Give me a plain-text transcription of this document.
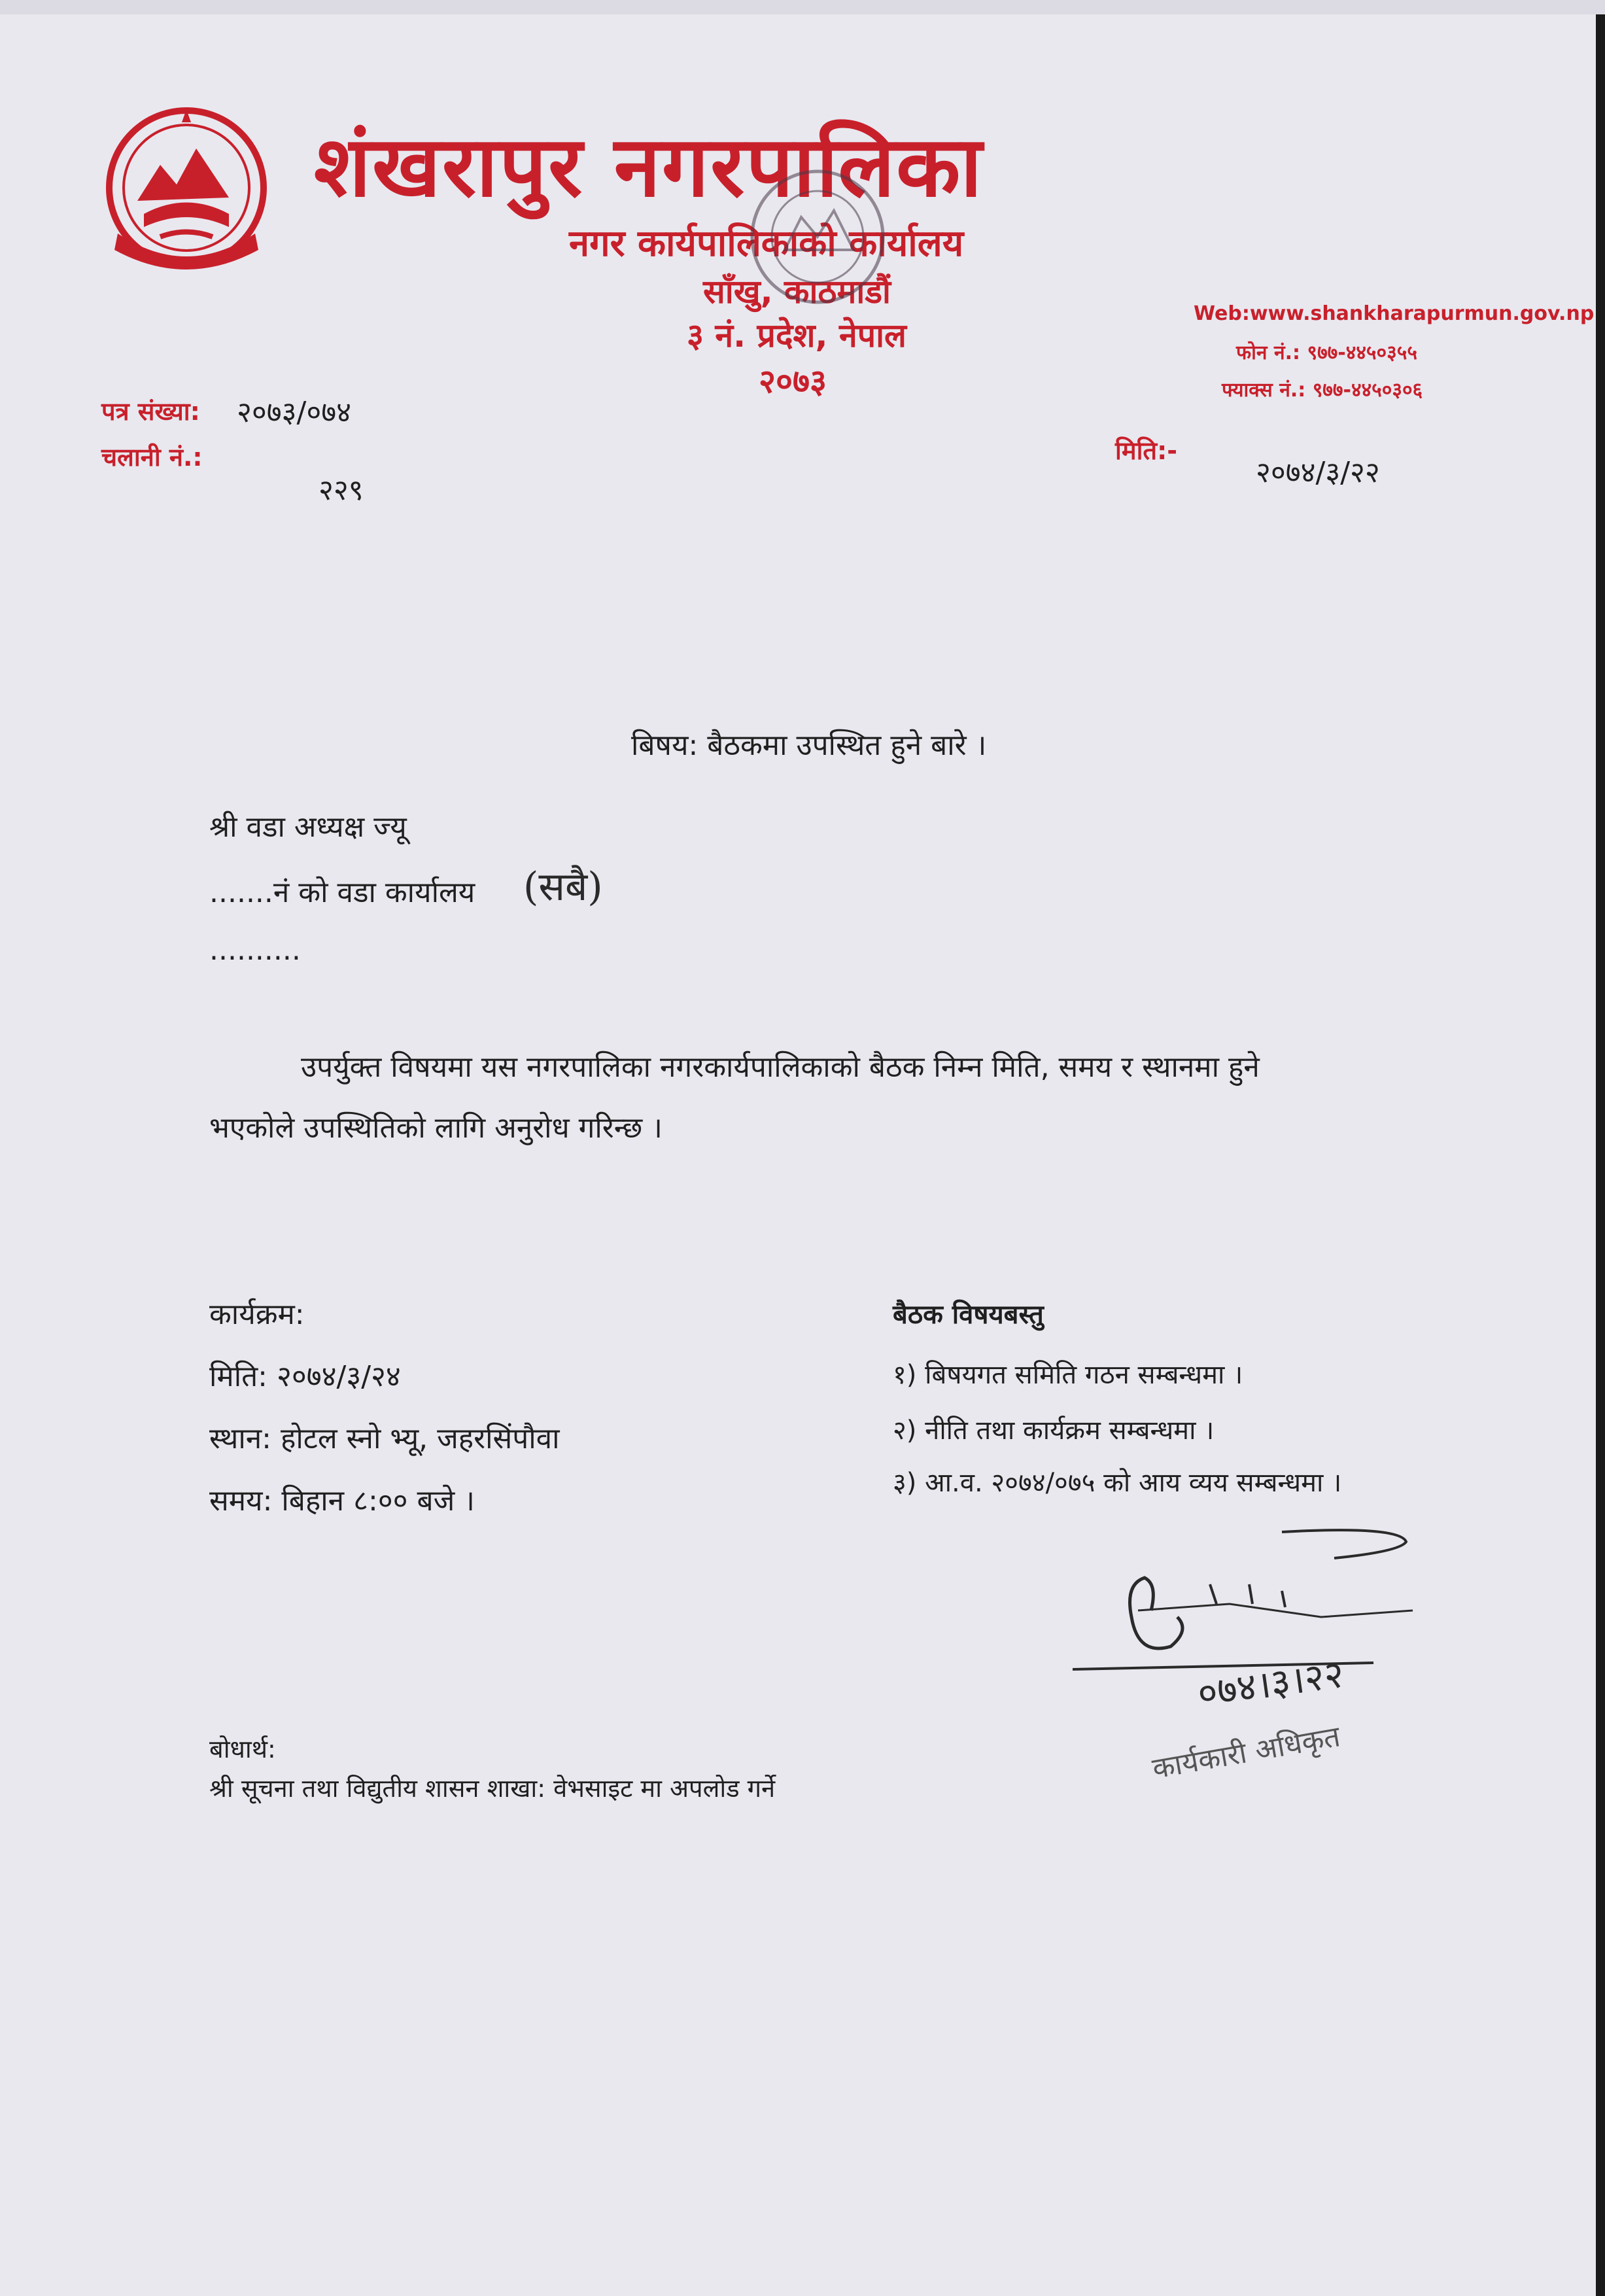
शंखरापुर नगरपालिका
नगर कार्यपालिकाको कार्यालय
साँखु, काठमाडौं
३ नं. प्रदेश, नेपाल
२०७३
Web:www.shankharapurmun.gov.np
फोन नं.: ९७७-४४५०३५५
फ्याक्स नं.: ९७७-४४५०३०६
पत्र संख्या: २०७३/०७४
चलानी नं.:
२२९
मिति:-
२०७४/३/२२
बिषय: बैठकमा उपस्थित हुने बारे ।
श्री वडा अध्यक्ष ज्यू
.......नं को वडा कार्यालय (सबै)
..........
उपर्युक्त विषयमा यस नगरपालिका नगरकार्यपालिकाको बैठक निम्न मिति, समय र स्थानमा हुने
भएकोले उपस्थितिको लागि अनुरोध गरिन्छ ।
कार्यक्रम:
मिति: २०७४/३/२४
स्थान: होटल स्नो भ्यू, जहरसिंपौवा
समय: बिहान ८:०० बजे ।
बैठक विषयबस्तु
१) बिषयगत समिति गठन सम्बन्धमा ।
२) नीति तथा कार्यक्रम सम्बन्धमा ।
३) आ.व. २०७४/०७५ को आय व्यय सम्बन्धमा ।
०७४।३।२२
कार्यकारी अधिकृत
बोधार्थ:
श्री सूचना तथा विद्युतीय शासन शाखा: वेभसाइट मा अपलोड गर्ने
